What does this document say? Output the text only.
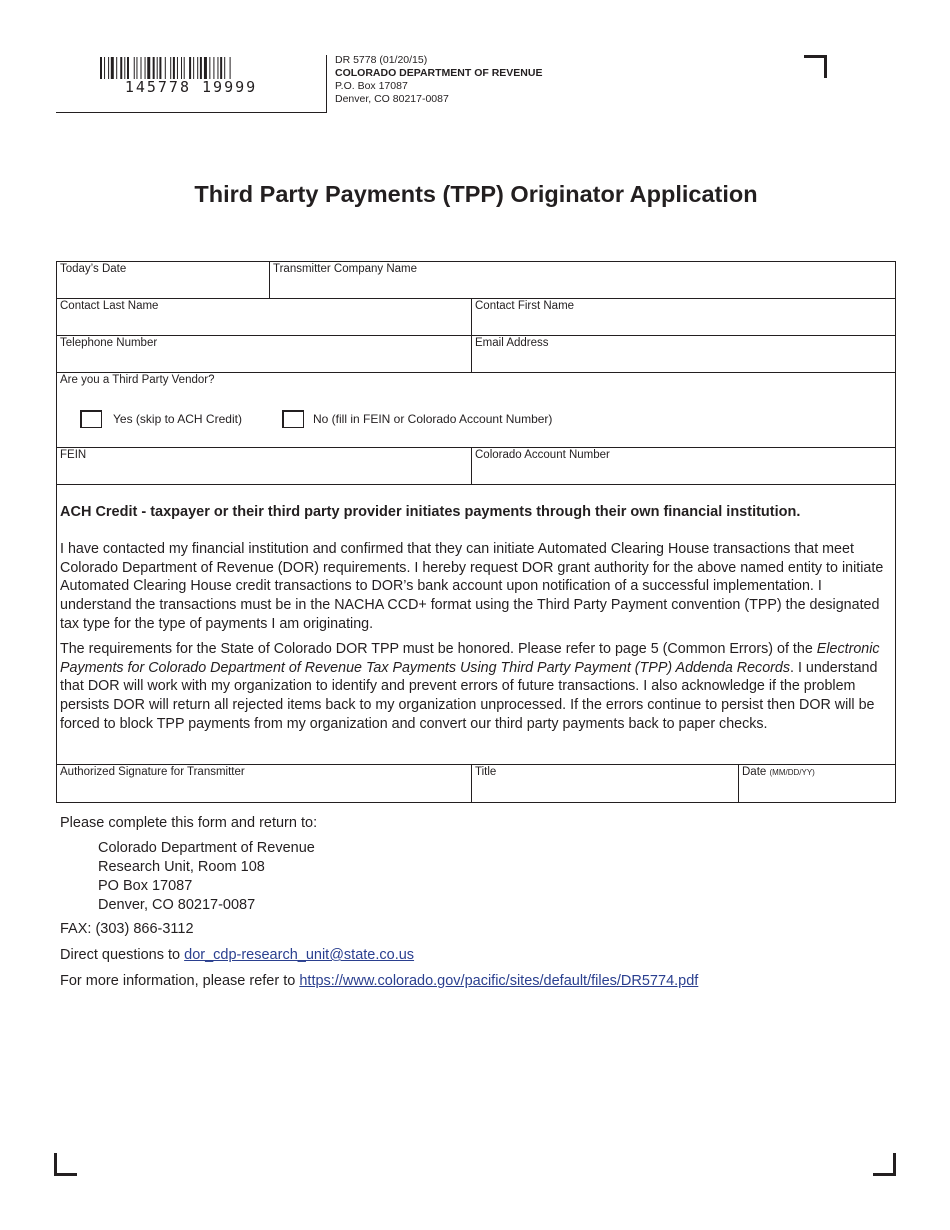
145778 19999
DR 5778 (01/20/15)
COLORADO DEPARTMENT OF REVENUE
P.O. Box 17087
Denver, CO 80217-0087
Third Party Payments (TPP) Originator Application
Today’s Date	Transmitter Company Name
Contact Last Name	Contact First Name
Telephone Number	Email Address
Are you a Third Party Vendor?
Yes (skip to ACH Credit)	No (fill in FEIN or Colorado Account Number)
FEIN	Colorado Account Number
ACH Credit - taxpayer or their third party provider initiates payments through their own financial institution.
I have contacted my financial institution and confirmed that they can initiate Automated Clearing House transactions that meet Colorado Department of Revenue (DOR) requirements. I hereby request DOR grant authority for the above named entity to initiate Automated Clearing House credit transactions to DOR’s bank account upon notification of a successful implementation. I understand the transactions must be in the NACHA CCD+ format using the Third Party Payment convention (TPP) the designated tax type for the type of payments I am originating.
The requirements for the State of Colorado DOR TPP must be honored. Please refer to page 5 (Common Errors) of the Electronic Payments for Colorado Department of Revenue Tax Payments Using Third Party Payment (TPP) Addenda Records. I understand that DOR will work with my organization to identify and prevent errors of future transactions. I also acknowledge if the problem persists DOR will return all rejected items back to my organization unprocessed. If the errors continue to persist then DOR will be forced to block TPP payments from my organization and convert our third party payments back to paper checks.
Authorized Signature for Transmitter	Title	Date (MM/DD/YY)
Please complete this form and return to:
Colorado Department of Revenue
Research Unit, Room 108
PO Box 17087
Denver, CO 80217-0087
FAX: (303) 866-3112
Direct questions to dor_cdp-research_unit@state.co.us
For more information, please refer to https://www.colorado.gov/pacific/sites/default/files/DR5774.pdf
